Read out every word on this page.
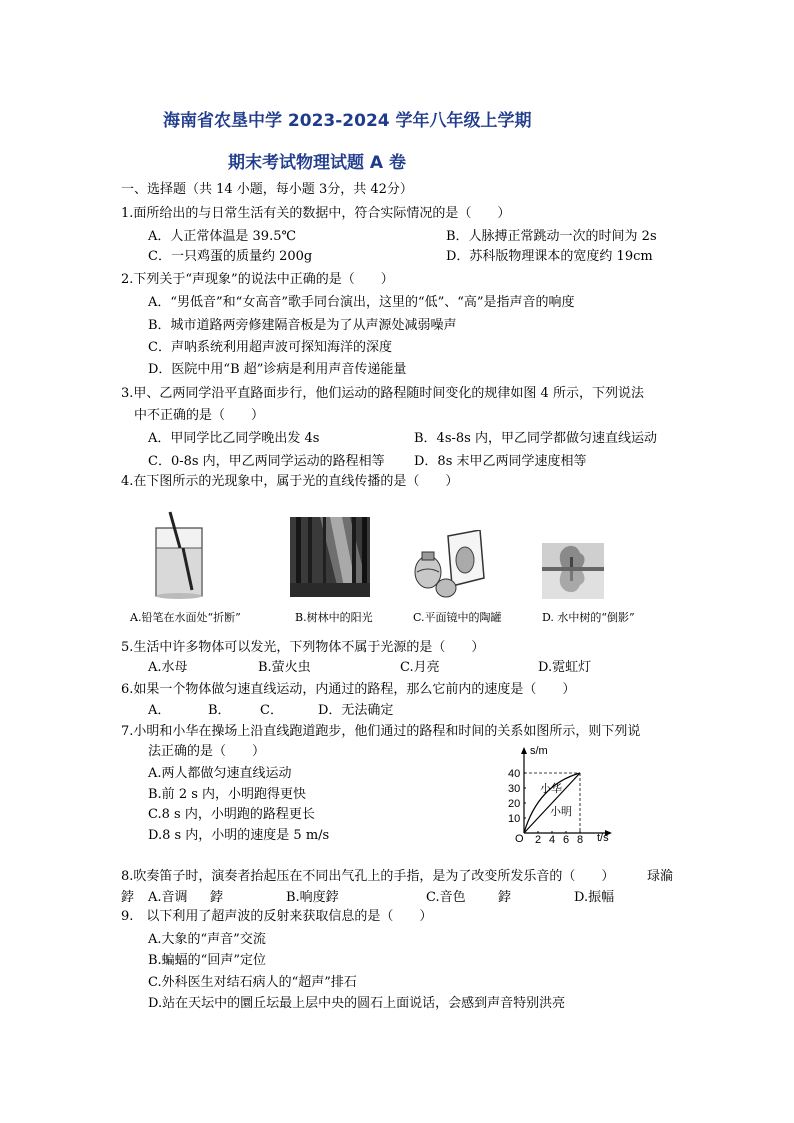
海南省农垦中学 2023-2024 学年八年级上学期
期末考试物理试题 A 卷
一、选择题（共 14 小题，每小题 3分，共 42分）
1.面所给出的与日常生活有关的数据中，符合实际情况的是（　　）
A．人正常体温是 39.5℃	B．人脉搏正常跳动一次的时间为 2s
C．一只鸡蛋的质量约 200g	D．苏科版物理课本的宽度约 19cm
2.下列关于“声现象”的说法中正确的是（　　）
A．“男低音”和“女高音”歌手同台演出，这里的“低”、“高”是指声音的响度
B．城市道路两旁修建隔音板是为了从声源处减弱噪声
C．声呐系统利用超声波可探知海洋的深度
D．医院中用“B 超”诊病是利用声音传递能量
3.甲、乙两同学沿平直路面步行，他们运动的路程随时间变化的规律如图 4 所示，下列说法
中不正确的是（　　）
A．甲同学比乙同学晚出发 4s	B．4s-8s 内，甲乙同学都做匀速直线运动
C．0-8s 内，甲乙两同学运动的路程相等 D．8s 末甲乙两同学速度相等
4.在下图所示的光现象中，属于光的直线传播的是（　　）
A.铅笔在水面处“折断”	B.树林中的阳光	C.平面镜中的陶罐	D. 水中树的“倒影”
5.生活中许多物体可以发光，下列物体不属于光源的是（　　）
A.水母	B.萤火虫	C.月亮	D.霓虹灯
6.如果一个物体做匀速直线运动，内通过的路程，那么它前内的速度是（　　）
A．	B． C．	D．无法确定
7.小明和小华在操场上沿直线跑道跑步，他们通过的路程和时间的关系如图所示，则下列说
法正确的是（　　）
A.两人都做匀速直线运动
B.前 2 s 内，小明跑得更快
C.8 s 内，小明跑的路程更长
D.8 s 内，小明的速度是 5 m/s
s/m
t/s
O
10
20
30
40
2 4 6 8
小华
小明
8.吹奏笛子时，演奏者抬起压在不同出气孔上的手指，是为了改变所发乐音的（　　）	琭溣
鋍 A.音调 鋍	B.响度鋍	C.音色 鋍	D.振幅
9.　以下利用了超声波的反射来获取信息的是（　　）
A.大象的“声音”交流
B.蝙蝠的“回声”定位
C.外科医生对结石病人的“超声”排石
D.站在天坛中的圜丘坛最上层中央的圆石上面说话，会感到声音特别洪亮
